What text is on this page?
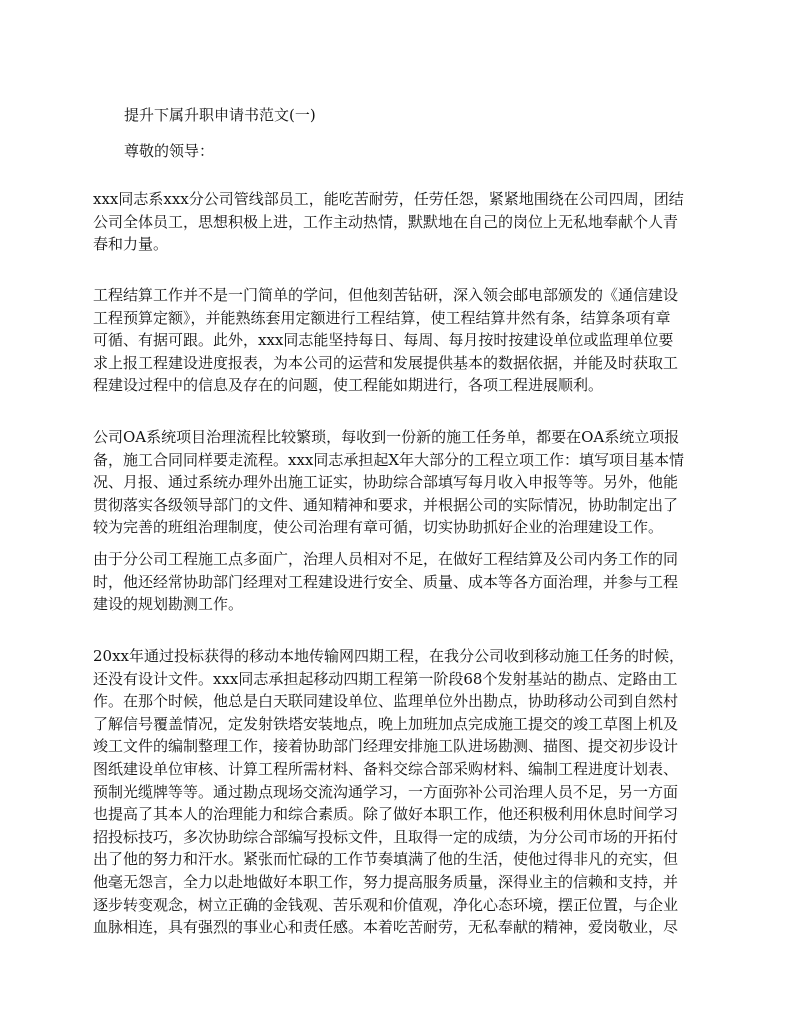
提升下属升职申请书范文(一)
尊敬的领导：
xxx同志系xxx分公司管线部员工，能吃苦耐劳，任劳任怨，紧紧地围绕在公司四周，团结
公司全体员工，思想积极上进，工作主动热情，默默地在自己的岗位上无私地奉献个人青
春和力量。
工程结算工作并不是一门简单的学问，但他刻苦钻研，深入领会邮电部颁发的《通信建设
工程预算定额》，并能熟练套用定额进行工程结算，使工程结算井然有条，结算条项有章
可循、有据可跟。此外，xxx同志能坚持每日、每周、每月按时按建设单位或监理单位要
求上报工程建设进度报表，为本公司的运营和发展提供基本的数据依据，并能及时获取工
程建设过程中的信息及存在的问题，使工程能如期进行，各项工程进展顺利。
公司OA系统项目治理流程比较繁琐，每收到一份新的施工任务单，都要在OA系统立项报
备，施工合同同样要走流程。xxx同志承担起X年大部分的工程立项工作：填写项目基本情
况、月报、通过系统办理外出施工证实，协助综合部填写每月收入申报等等。另外，他能
贯彻落实各级领导部门的文件、通知精神和要求，并根据公司的实际情况，协助制定出了
较为完善的班组治理制度，使公司治理有章可循，切实协助抓好企业的治理建设工作。
由于分公司工程施工点多面广，治理人员相对不足，在做好工程结算及公司内务工作的同
时，他还经常协助部门经理对工程建设进行安全、质量、成本等各方面治理，并参与工程
建设的规划勘测工作。
20xx年通过投标获得的移动本地传输网四期工程，在我分公司收到移动施工任务的时候，
还没有设计文件。xxx同志承担起移动四期工程第一阶段68个发射基站的勘点、定路由工
作。在那个时候，他总是白天联同建设单位、监理单位外出勘点，协助移动公司到自然村
了解信号覆盖情况，定发射铁塔安装地点，晚上加班加点完成施工提交的竣工草图上机及
竣工文件的编制整理工作，接着协助部门经理安排施工队进场勘测、描图、提交初步设计
图纸建设单位审核、计算工程所需材料、备料交综合部采购材料、编制工程进度计划表、
预制光缆牌等等。通过勘点现场交流沟通学习，一方面弥补公司治理人员不足，另一方面
也提高了其本人的治理能力和综合素质。除了做好本职工作，他还积极利用休息时间学习
招投标技巧，多次协助综合部编写投标文件，且取得一定的成绩，为分公司市场的开拓付
出了他的努力和汗水。紧张而忙碌的工作节奏填满了他的生活，使他过得非凡的充实，但
他毫无怨言，全力以赴地做好本职工作，努力提高服务质量，深得业主的信赖和支持，并
逐步转变观念，树立正确的金钱观、苦乐观和价值观，净化心态环境，摆正位置，与企业
血脉相连，具有强烈的事业心和责任感。本着吃苦耐劳，无私奉献的精神，爱岗敬业，尽
